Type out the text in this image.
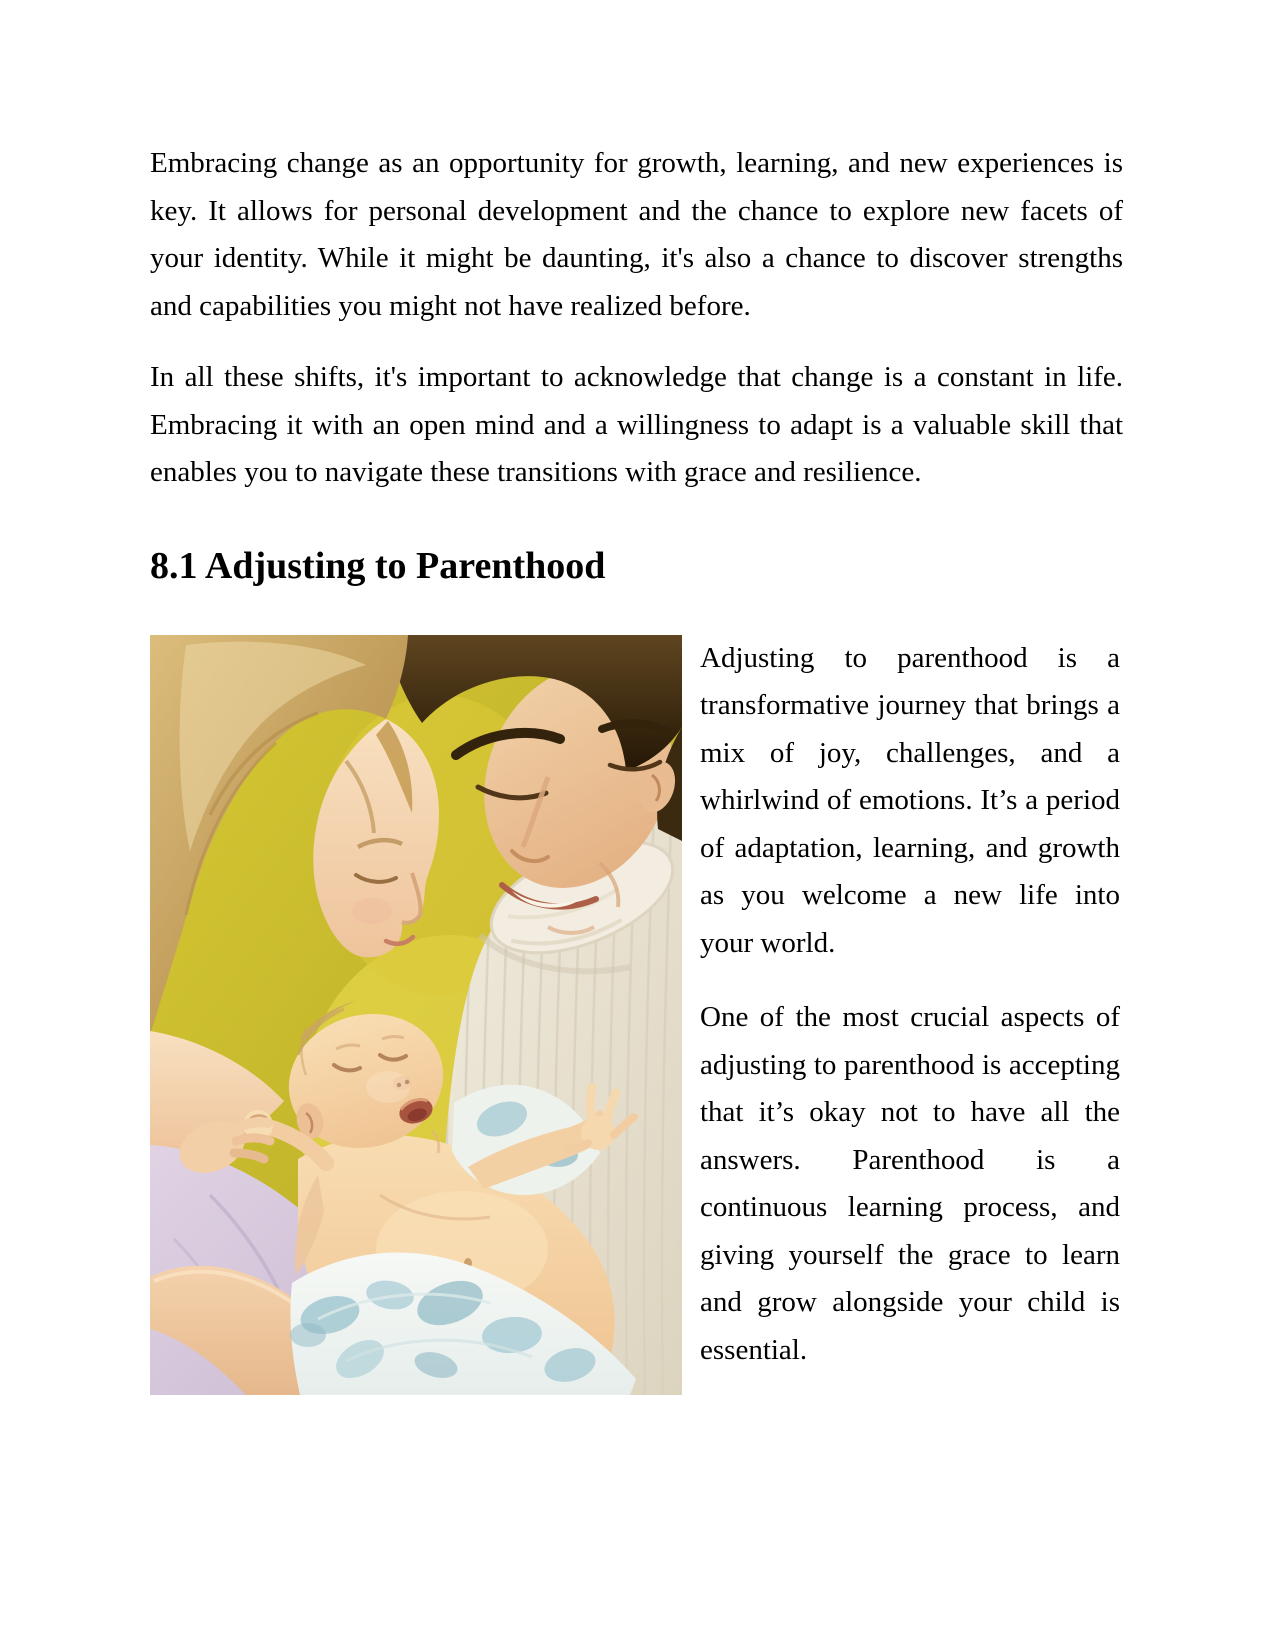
Embracing change as an opportunity for growth, learning, and new experiences is key. It allows for personal development and the chance to explore new facets of your identity. While it might be daunting, it's also a chance to discover strengths and capabilities you might not have realized before.

In all these shifts, it's important to acknowledge that change is a constant in life. Embracing it with an open mind and a willingness to adapt is a valuable skill that enables you to navigate these transitions with grace and resilience.

8.1 Adjusting to Parenthood

Adjusting to parenthood is a transformative journey that brings a mix of joy, challenges, and a whirlwind of emotions. It’s a period of adaptation, learning, and growth as you welcome a new life into your world.

One of the most crucial aspects of adjusting to parenthood is accepting that it’s okay not to have all the answers. Parenthood is a continuous learning process, and giving yourself the grace to learn and grow alongside your child is essential.
